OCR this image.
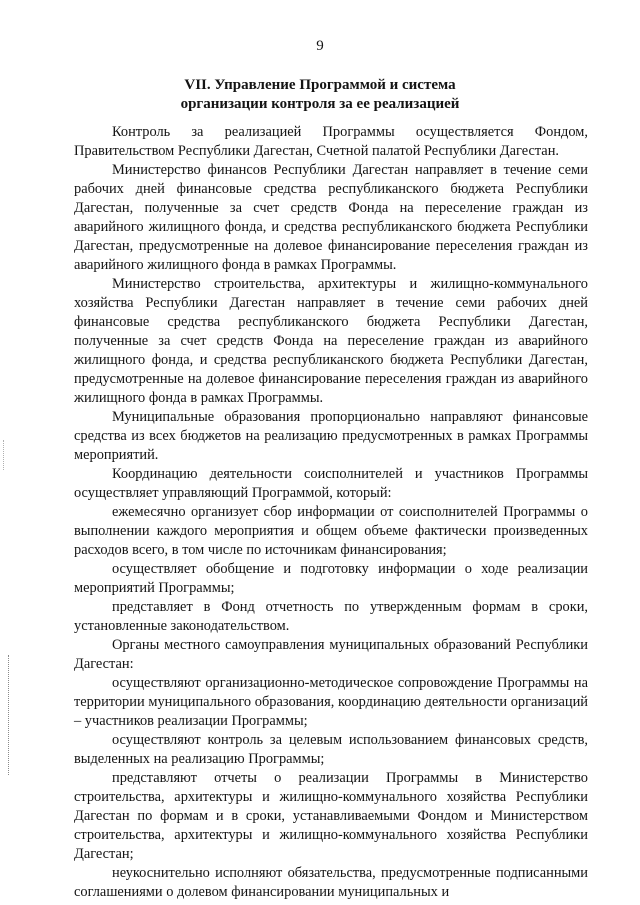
9
VII. Управление Программой и система
организации контроля за ее реализацией

Контроль за реализацией Программы осуществляется Фондом, Правительством Республики Дагестан, Счетной палатой Республики Дагестан.

Министерство финансов Республики Дагестан направляет в течение семи рабочих дней финансовые средства республиканского бюджета Республики Дагестан, полученные за счет средств Фонда на переселение граждан из аварийного жилищного фонда, и средства республиканского бюджета Республики Дагестан, предусмотренные на долевое финансирование переселения граждан из аварийного жилищного фонда в рамках Программы.

Министерство строительства, архитектуры и жилищно-коммунального хозяйства Республики Дагестан направляет в течение семи рабочих дней финансовые средства республиканского бюджета Республики Дагестан, полученные за счет средств Фонда на переселение граждан из аварийного жилищного фонда, и средства республиканского бюджета Республики Дагестан, предусмотренные на долевое финансирование переселения граждан из аварийного жилищного фонда в рамках Программы.

Муниципальные образования пропорционально направляют финансовые средства из всех бюджетов на реализацию предусмотренных в рамках Программы мероприятий.

Координацию деятельности соисполнителей и участников Программы осуществляет управляющий Программой, который:

ежемесячно организует сбор информации от соисполнителей Программы о выполнении каждого мероприятия и общем объеме фактически произведенных расходов всего, в том числе по источникам финансирования;

осуществляет обобщение и подготовку информации о ходе реализации мероприятий Программы;

представляет в Фонд отчетность по утвержденным формам в сроки, установленные законодательством.

Органы местного самоуправления муниципальных образований Республики Дагестан:

осуществляют организационно-методическое сопровождение Программы на территории муниципального образования, координацию деятельности организаций – участников реализации Программы;

осуществляют контроль за целевым использованием финансовых средств, выделенных на реализацию Программы;

представляют отчеты о реализации Программы в Министерство строительства, архитектуры и жилищно-коммунального хозяйства Республики Дагестан по формам и в сроки, устанавливаемыми Фондом и Министерством строительства, архитектуры и жилищно-коммунального хозяйства Республики Дагестан;

неукоснительно исполняют обязательства, предусмотренные подписанными соглашениями о долевом финансировании муниципальных и
